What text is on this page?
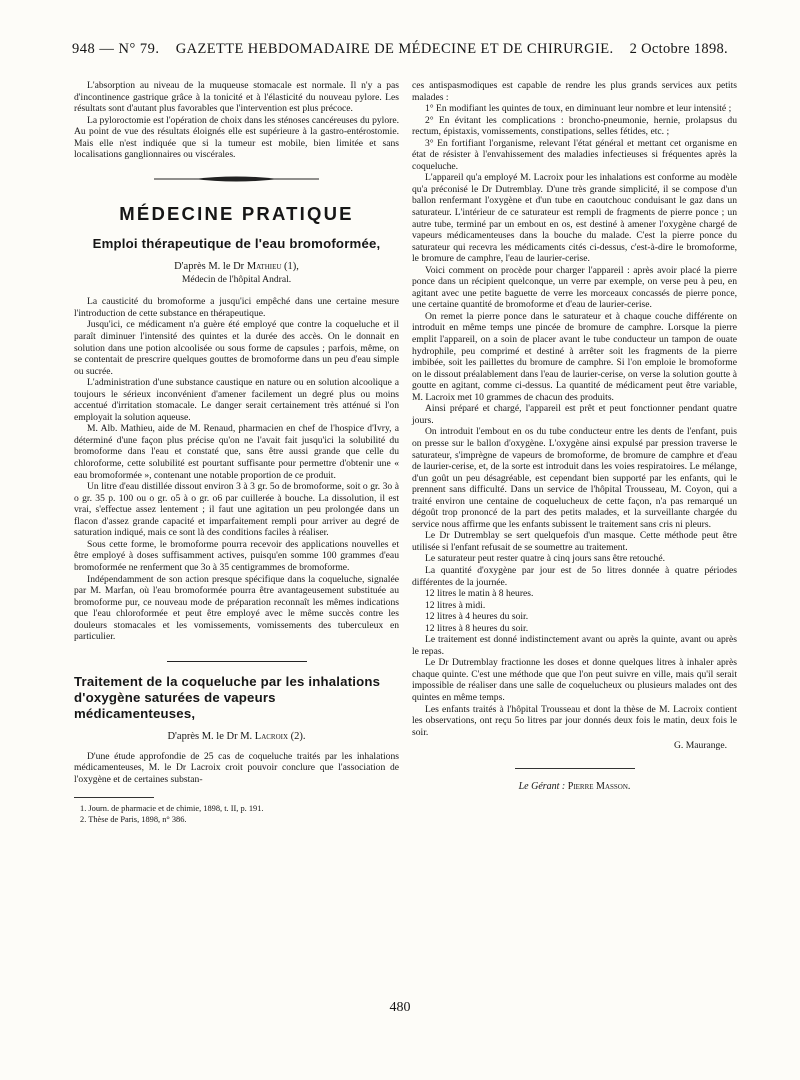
948 — N° 79. GAZETTE HEBDOMADAIRE DE MÉDECINE ET DE CHIRURGIE. 2 Octobre 1898.

L'absorption au niveau de la muqueuse stomacale est normale. Il n'y a pas d'incontinence gastrique grâce à la tonicité et à l'élasticité du nouveau pylore. Les résultats sont d'autant plus favorables que l'intervention est plus précoce.

La pyloroctomie est l'opération de choix dans les sténoses cancéreuses du pylore. Au point de vue des résultats éloignés elle est supérieure à la gastro-entérostomie. Mais elle n'est indiquée que si la tumeur est mobile, bien limitée et sans localisations ganglionnaires ou viscérales.

MÉDECINE PRATIQUE
Emploi thérapeutique de l'eau bromoformée,
D'après M. le Dr Mathieu (1),
Médecin de l'hôpital Andral.

La causticité du bromoforme a jusqu'ici empêché dans une certaine mesure l'introduction de cette substance en thérapeutique.

Jusqu'ici, ce médicament n'a guère été employé que contre la coqueluche et il paraît diminuer l'intensité des quintes et la durée des accès. On le donnait en solution dans une potion alcoolisée ou sous forme de capsules ; parfois, même, on se contentait de prescrire quelques gouttes de bromoforme dans un peu d'eau simple ou sucrée.

L'administration d'une substance caustique en nature ou en solution alcoolique a toujours le sérieux inconvénient d'amener facilement un degré plus ou moins accentué d'irritation stomacale. Le danger serait certainement très atténué si l'on employait la solution aqueuse.

M. Alb. Mathieu, aide de M. Renaud, pharmacien en chef de l'hospice d'Ivry, a déterminé d'une façon plus précise qu'on ne l'avait fait jusqu'ici la solubilité du bromoforme dans l'eau et constaté que, sans être aussi grande que celle du chloroforme, cette solubilité est pourtant suffisante pour permettre d'obtenir une « eau bromoformée », contenant une notable proportion de ce produit.

Un litre d'eau distillée dissout environ 3 à 3 gr. 5o de bromoforme, soit o gr. 3o à o gr. 35 p. 100 ou o gr. o5 à o gr. o6 par cuillerée à bouche. La dissolution, il est vrai, s'effectue assez lentement ; il faut une agitation un peu prolongée dans un flacon d'assez grande capacité et imparfaitement rempli pour arriver au degré de saturation indiqué, mais ce sont là des conditions faciles à réaliser.

Sous cette forme, le bromoforme pourra recevoir des applications nouvelles et être employé à doses suffisamment actives, puisqu'en somme 100 grammes d'eau bromoformée ne renferment que 3o à 35 centigrammes de bromoforme.

Indépendamment de son action presque spécifique dans la coqueluche, signalée par M. Marfan, où l'eau bromoformée pourra être avantageusement substituée au bromoforme pur, ce nouveau mode de préparation reconnaît les mêmes indications que l'eau chloroformée et peut être employé avec le même succès contre les douleurs stomacales et les vomissements, vomissements des tuberculeux en particulier.

Traitement de la coqueluche par les inhalations d'oxygène saturées de vapeurs médicamenteuses,
D'après M. le Dr M. Lacroix (2).

D'une étude approfondie de 25 cas de coqueluche traités par les inhalations médicamenteuses, M. le Dr Lacroix croit pouvoir conclure que l'association de l'oxygène et de certaines substan-

1. Journ. de pharmacie et de chimie, 1898, t. II, p. 191.

2. Thèse de Paris, 1898, n° 386.

ces antispasmodiques est capable de rendre les plus grands services aux petits malades :

1° En modifiant les quintes de toux, en diminuant leur nombre et leur intensité ;

2° En évitant les complications : broncho-pneumonie, hernie, prolapsus du rectum, épistaxis, vomissements, constipations, selles fétides, etc. ;

3° En fortifiant l'organisme, relevant l'état général et mettant cet organisme en état de résister à l'envahissement des maladies infectieuses si fréquentes après la coqueluche.

L'appareil qu'a employé M. Lacroix pour les inhalations est conforme au modèle qu'a préconisé le Dr Dutremblay. D'une très grande simplicité, il se compose d'un ballon renfermant l'oxygène et d'un tube en caoutchouc conduisant le gaz dans un saturateur. L'intérieur de ce saturateur est rempli de fragments de pierre ponce ; un autre tube, terminé par un embout en os, est destiné à amener l'oxygène chargé de vapeurs médicamenteuses dans la bouche du malade. C'est la pierre ponce du saturateur qui recevra les médicaments cités ci-dessus, c'est-à-dire le bromoforme, le bromure de camphre, l'eau de laurier-cerise.

Voici comment on procède pour charger l'appareil : après avoir placé la pierre ponce dans un récipient quelconque, un verre par exemple, on verse peu à peu, en agitant avec une petite baguette de verre les morceaux concassés de pierre ponce, une certaine quantité de bromoforme et d'eau de laurier-cerise.

On remet la pierre ponce dans le saturateur et à chaque couche différente on introduit en même temps une pincée de bromure de camphre. Lorsque la pierre emplit l'appareil, on a soin de placer avant le tube conducteur un tampon de ouate hydrophile, peu comprimé et destiné à arrêter soit les fragments de la pierre imbibée, soit les paillettes du bromure de camphre. Si l'on emploie le bromoforme on le dissout préalablement dans l'eau de laurier-cerise, on verse la solution goutte à goutte en agitant, comme ci-dessus. La quantité de médicament peut être variable, M. Lacroix met 10 grammes de chacun des produits.

Ainsi préparé et chargé, l'appareil est prêt et peut fonctionner pendant quatre jours.

On introduit l'embout en os du tube conducteur entre les dents de l'enfant, puis on presse sur le ballon d'oxygène. L'oxygène ainsi expulsé par pression traverse le saturateur, s'imprègne de vapeurs de bromoforme, de bromure de camphre et d'eau de laurier-cerise, et, de la sorte est introduit dans les voies respiratoires. Le mélange, d'un goût un peu désagréable, est cependant bien supporté par les enfants, qui le prennent sans difficulté. Dans un service de l'hôpital Trousseau, M. Coyon, qui a traité environ une centaine de coquelucheux de cette façon, n'a pas remarqué un dégoût trop prononcé de la part des petits malades, et la surveillante chargée du service nous affirme que les enfants subissent le traitement sans cris ni pleurs.

Le Dr Dutremblay se sert quelquefois d'un masque. Cette méthode peut être utilisée si l'enfant refusait de se soumettre au traitement.

Le saturateur peut rester quatre à cinq jours sans être retouché.

La quantité d'oxygène par jour est de 5o litres donnée à quatre périodes différentes de la journée.

12 litres le matin à 8 heures.

12 litres à midi.

12 litres à 4 heures du soir.

12 litres à 8 heures du soir.

Le traitement est donné indistinctement avant ou après la quinte, avant ou après le repas.

Le Dr Dutremblay fractionne les doses et donne quelques litres à inhaler après chaque quinte. C'est une méthode que que l'on peut suivre en ville, mais qu'il serait impossible de réaliser dans une salle de coquelucheux ou plusieurs malades ont des quintes en même temps.

Les enfants traités à l'hôpital Trousseau et dont la thèse de M. Lacroix contient les observations, ont reçu 5o litres par jour donnés deux fois le matin, deux fois le soir.

G. Maurange.

Le Gérant : Pierre Masson.
480
